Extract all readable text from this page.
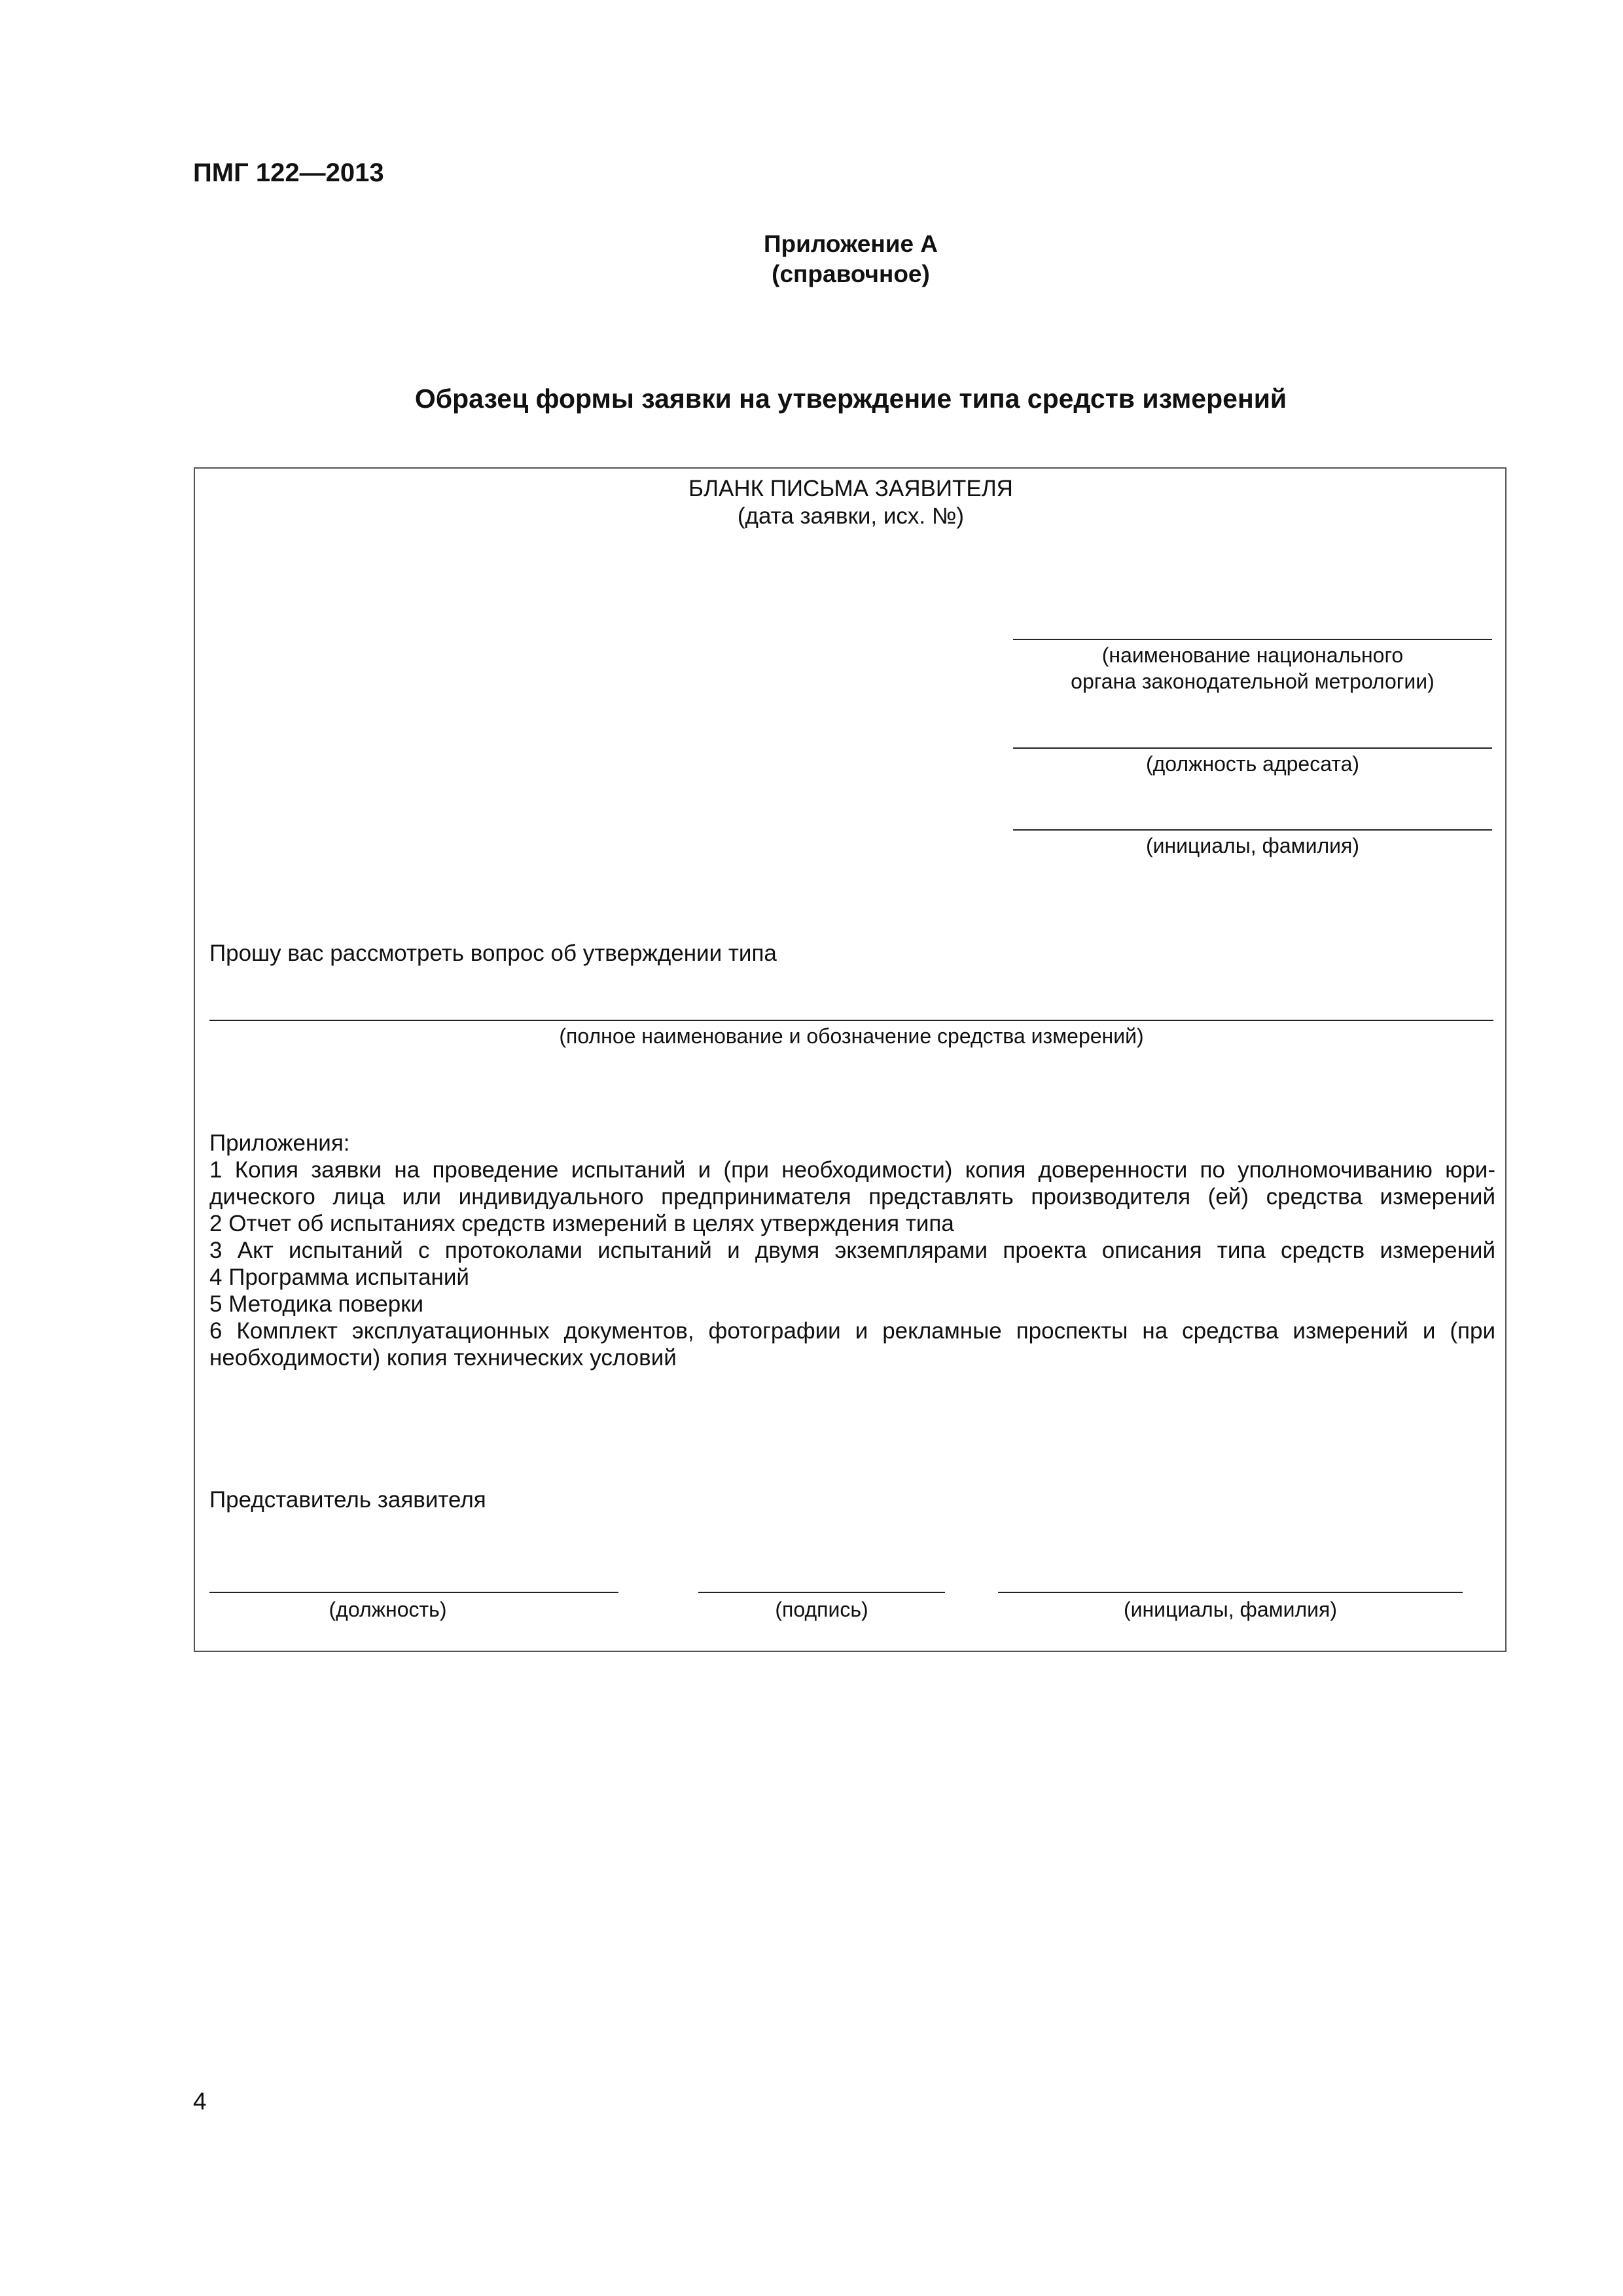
ПМГ 122—2013
Приложение А
(справочное)
Образец формы заявки на утверждение типа средств измерений
БЛАНК ПИСЬМА ЗАЯВИТЕЛЯ
(дата заявки, исх. №)
(наименование национального
органа законодательной метрологии)
(должность адресата)
(инициалы, фамилия)
Прошу вас рассмотреть вопрос об утверждении типа
(полное наименование и обозначение средства измерений)
Приложения:
1 Копия заявки на проведение испытаний и (при необходимости) копия доверенности по уполномочиванию юри-
дического лица или индивидуального предпринимателя представлять производителя (ей) средства измерений
2 Отчет об испытаниях средств измерений в целях утверждения типа
3 Акт испытаний с протоколами испытаний и двумя экземплярами проекта описания типа средств измерений
4 Программа испытаний
5 Методика поверки
6 Комплект эксплуатационных документов, фотографии и рекламные проспекты на средства измерений и (при
необходимости) копия технических условий
Представитель заявителя
(должность)	(подпись)	(инициалы, фамилия)
4
